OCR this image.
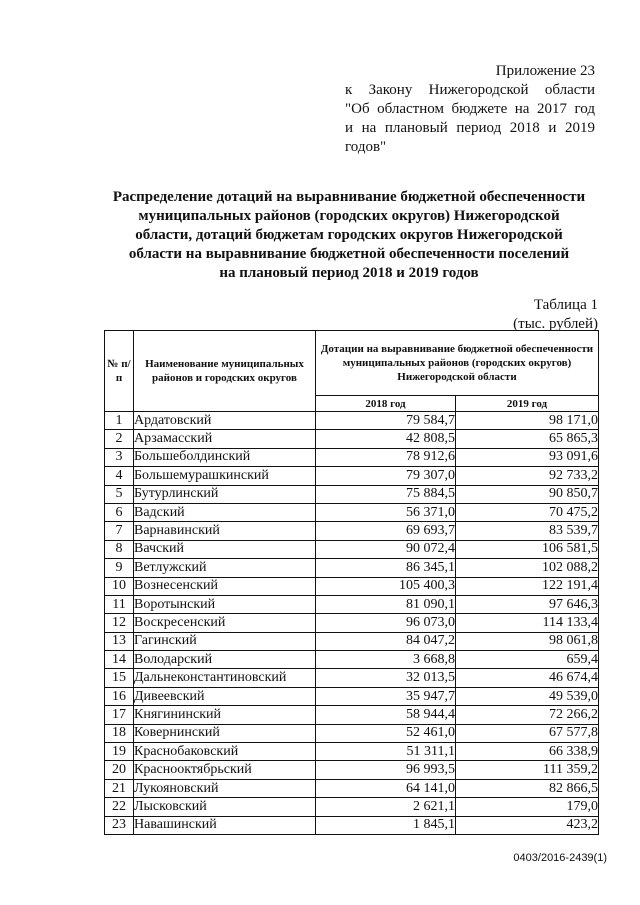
Приложение 23
к Закону Нижегородской области
"Об областном бюджете на 2017 год
и на плановый период 2018 и 2019
годов"
Распределение дотаций на выравнивание бюджетной обеспеченности
муниципальных районов (городских округов) Нижегородской
области, дотаций бюджетам городских округов Нижегородской
области на выравнивание бюджетной обеспеченности поселений
на плановый период 2018 и 2019 годов
Таблица 1
(тыс. рублей)
№ п/п	Наименование муниципальных районов и городских округов	Дотации на выравнивание бюджетной обеспеченности муниципальных районов (городских округов) Нижегородской области	
		2018 год	2019 год
1	Ардатовский	79 584,7	98 171,0
2	Арзамасский	42 808,5	65 865,3
3	Большеболдинский	78 912,6	93 091,6
4	Большемурашкинский	79 307,0	92 733,2
5	Бутурлинский	75 884,5	90 850,7
6	Вадский	56 371,0	70 475,2
7	Варнавинский	69 693,7	83 539,7
8	Вачский	90 072,4	106 581,5
9	Ветлужский	86 345,1	102 088,2
10	Вознесенский	105 400,3	122 191,4
11	Воротынский	81 090,1	97 646,3
12	Воскресенский	96 073,0	114 133,4
13	Гагинский	84 047,2	98 061,8
14	Володарский	3 668,8	659,4
15	Дальнеконстантиновский	32 013,5	46 674,4
16	Дивеевский	35 947,7	49 539,0
17	Княгининский	58 944,4	72 266,2
18	Ковернинский	52 461,0	67 577,8
19	Краснобаковский	51 311,1	66 338,9
20	Краснооктябрьский	96 993,5	111 359,2
21	Лукояновский	64 141,0	82 866,5
22	Лысковский	2 621,1	179,0
23	Навашинский	1 845,1	423,2
0403/2016-2439(1)
